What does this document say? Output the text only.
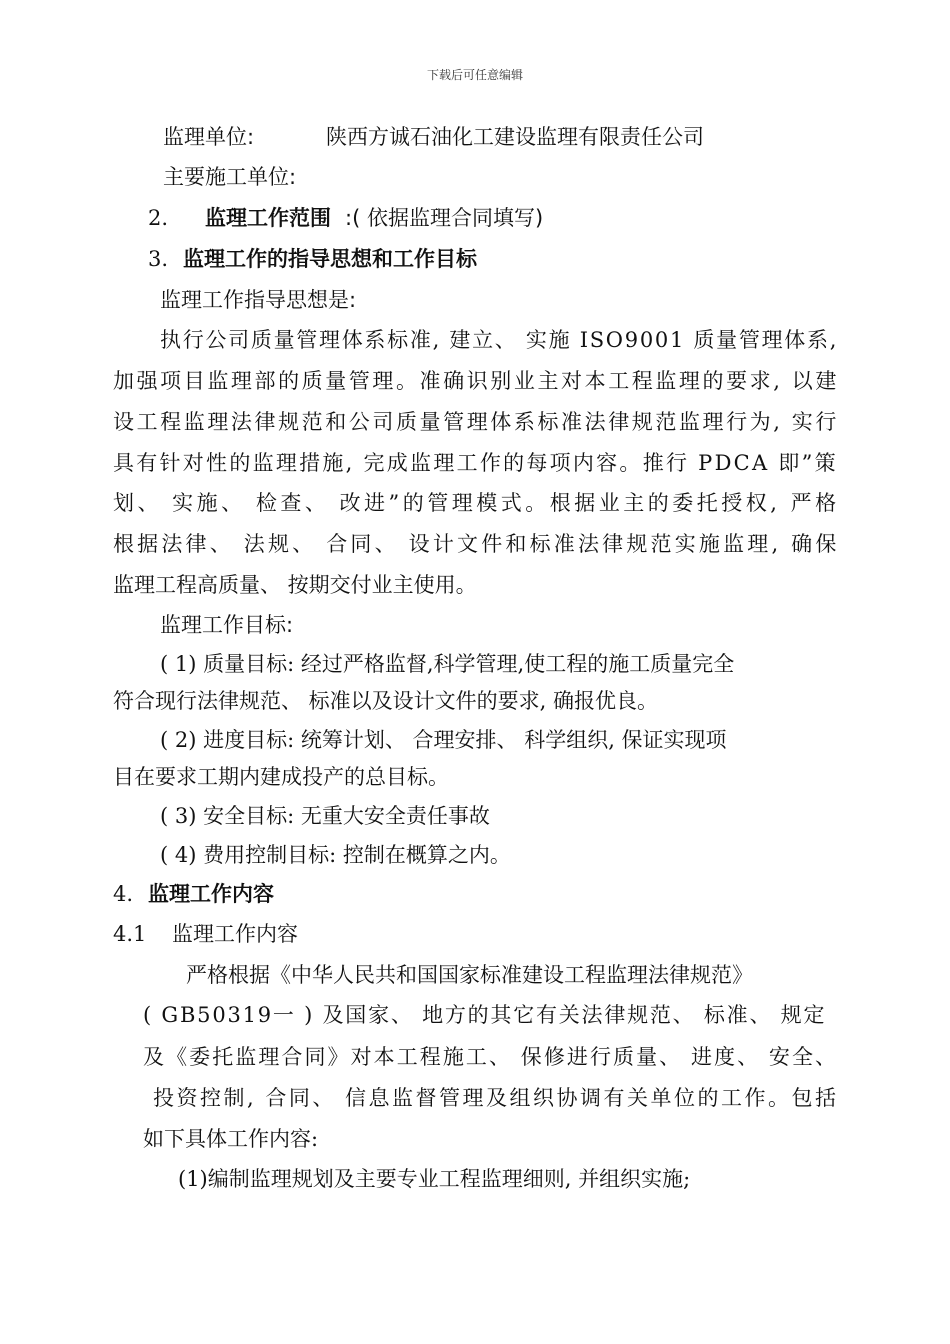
下载后可任意编辑
监理单位:	陕西方诚石油化工建设监理有限责任公司
主要施工单位:
2. 监理工作范围 :( 依据监理合同填写)
3. 监理工作的指导思想和工作目标
监理工作指导思想是:
执行公司质量管理体系标准, 建立、 实施 ISO9001 质量管理体系,
加强项目监理部的质量管理。准确识别业主对本工程监理的要求, 以建
设工程监理法律规范和公司质量管理体系标准法律规范监理行为, 实行
具有针对性的监理措施, 完成监理工作的每项内容。推行 PDCA 即”策
划、 实施、 检查、 改进”的管理模式。根据业主的委托授权, 严格
根据法律、 法规、 合同、 设计文件和标准法律规范实施监理, 确保
监理工程高质量、 按期交付业主使用。
监理工作目标:
( 1) 质量目标: 经过严格监督,科学管理,使工程的施工质量完全
符合现行法律规范、 标准以及设计文件的要求, 确报优良。
( 2) 进度目标: 统筹计划、 合理安排、 科学组织, 保证实现项
目在要求工期内建成投产的总目标。
( 3) 安全目标: 无重大安全责任事故
( 4) 费用控制目标: 控制在概算之内。
4. 监理工作内容
4.1 监理工作内容
严格根据《中华人民共和国国家标准建设工程监理法律规范》
( GB50319一 ) 及国家、 地方的其它有关法律规范、 标准、 规定
及《委托监理合同》对本工程施工、 保修进行质量、 进度、 安全、
投资控制, 合同、 信息监督管理及组织协调有关单位的工作。包括
如下具体工作内容:
(1)编制监理规划及主要专业工程监理细则, 并组织实施;
